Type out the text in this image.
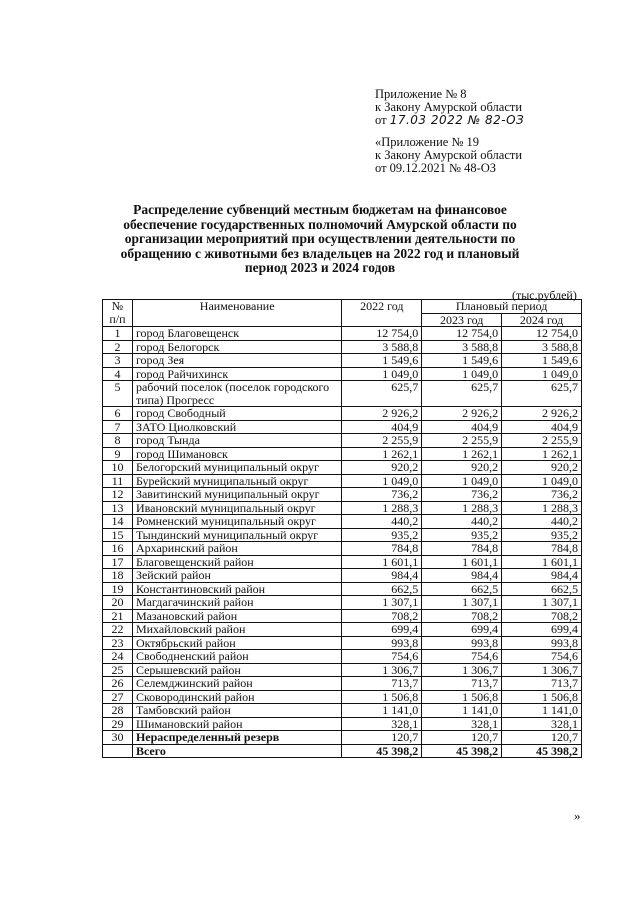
Приложение № 8
к Закону Амурской области
от 17.03 2022 № 82-ОЗ
«Приложение № 19
к Закону Амурской области
от 09.12.2021 № 48-ОЗ
Распределение субвенций местным бюджетам на финансовое обеспечение государственных полномочий Амурской области по организации мероприятий при осуществлении деятельности по обращению с животными без владельцев на 2022 год и плановый период 2023 и 2024 годов
(тыс.рублей)
№ п/п	Наименование	2022 год	Плановый период	
			2023 год	2024 год
1	город Благовещенск	12 754,0	12 754,0	12 754,0
2	город Белогорск	3 588,8	3 588,8	3 588,8
3	город Зея	1 549,6	1 549,6	1 549,6
4	город Райчихинск	1 049,0	1 049,0	1 049,0
5	рабочий поселок (поселок городского типа) Прогресс	625,7	625,7	625,7
6	город Свободный	2 926,2	2 926,2	2 926,2
7	ЗАТО Циолковский	404,9	404,9	404,9
8	город Тында	2 255,9	2 255,9	2 255,9
9	город Шимановск	1 262,1	1 262,1	1 262,1
10	Белогорский муниципальный округ	920,2	920,2	920,2
11	Бурейский муниципальный округ	1 049,0	1 049,0	1 049,0
12	Завитинский муниципальный округ	736,2	736,2	736,2
13	Ивановский муниципальный округ	1 288,3	1 288,3	1 288,3
14	Ромненский муниципальный округ	440,2	440,2	440,2
15	Тындинский муниципальный округ	935,2	935,2	935,2
16	Архаринский район	784,8	784,8	784,8
17	Благовещенский район	1 601,1	1 601,1	1 601,1
18	Зейский район	984,4	984,4	984,4
19	Константиновский район	662,5	662,5	662,5
20	Магдагачинский район	1 307,1	1 307,1	1 307,1
21	Мазановский район	708,2	708,2	708,2
22	Михайловский район	699,4	699,4	699,4
23	Октябрьский район	993,8	993,8	993,8
24	Свободненский район	754,6	754,6	754,6
25	Серышевский район	1 306,7	1 306,7	1 306,7
26	Селемджинский район	713,7	713,7	713,7
27	Сковородинский район	1 506,8	1 506,8	1 506,8
28	Тамбовский район	1 141,0	1 141,0	1 141,0
29	Шимановский район	328,1	328,1	328,1
30	Нераспределенный резерв	120,7	120,7	120,7
	Всего	45 398,2	45 398,2	45 398,2
»
